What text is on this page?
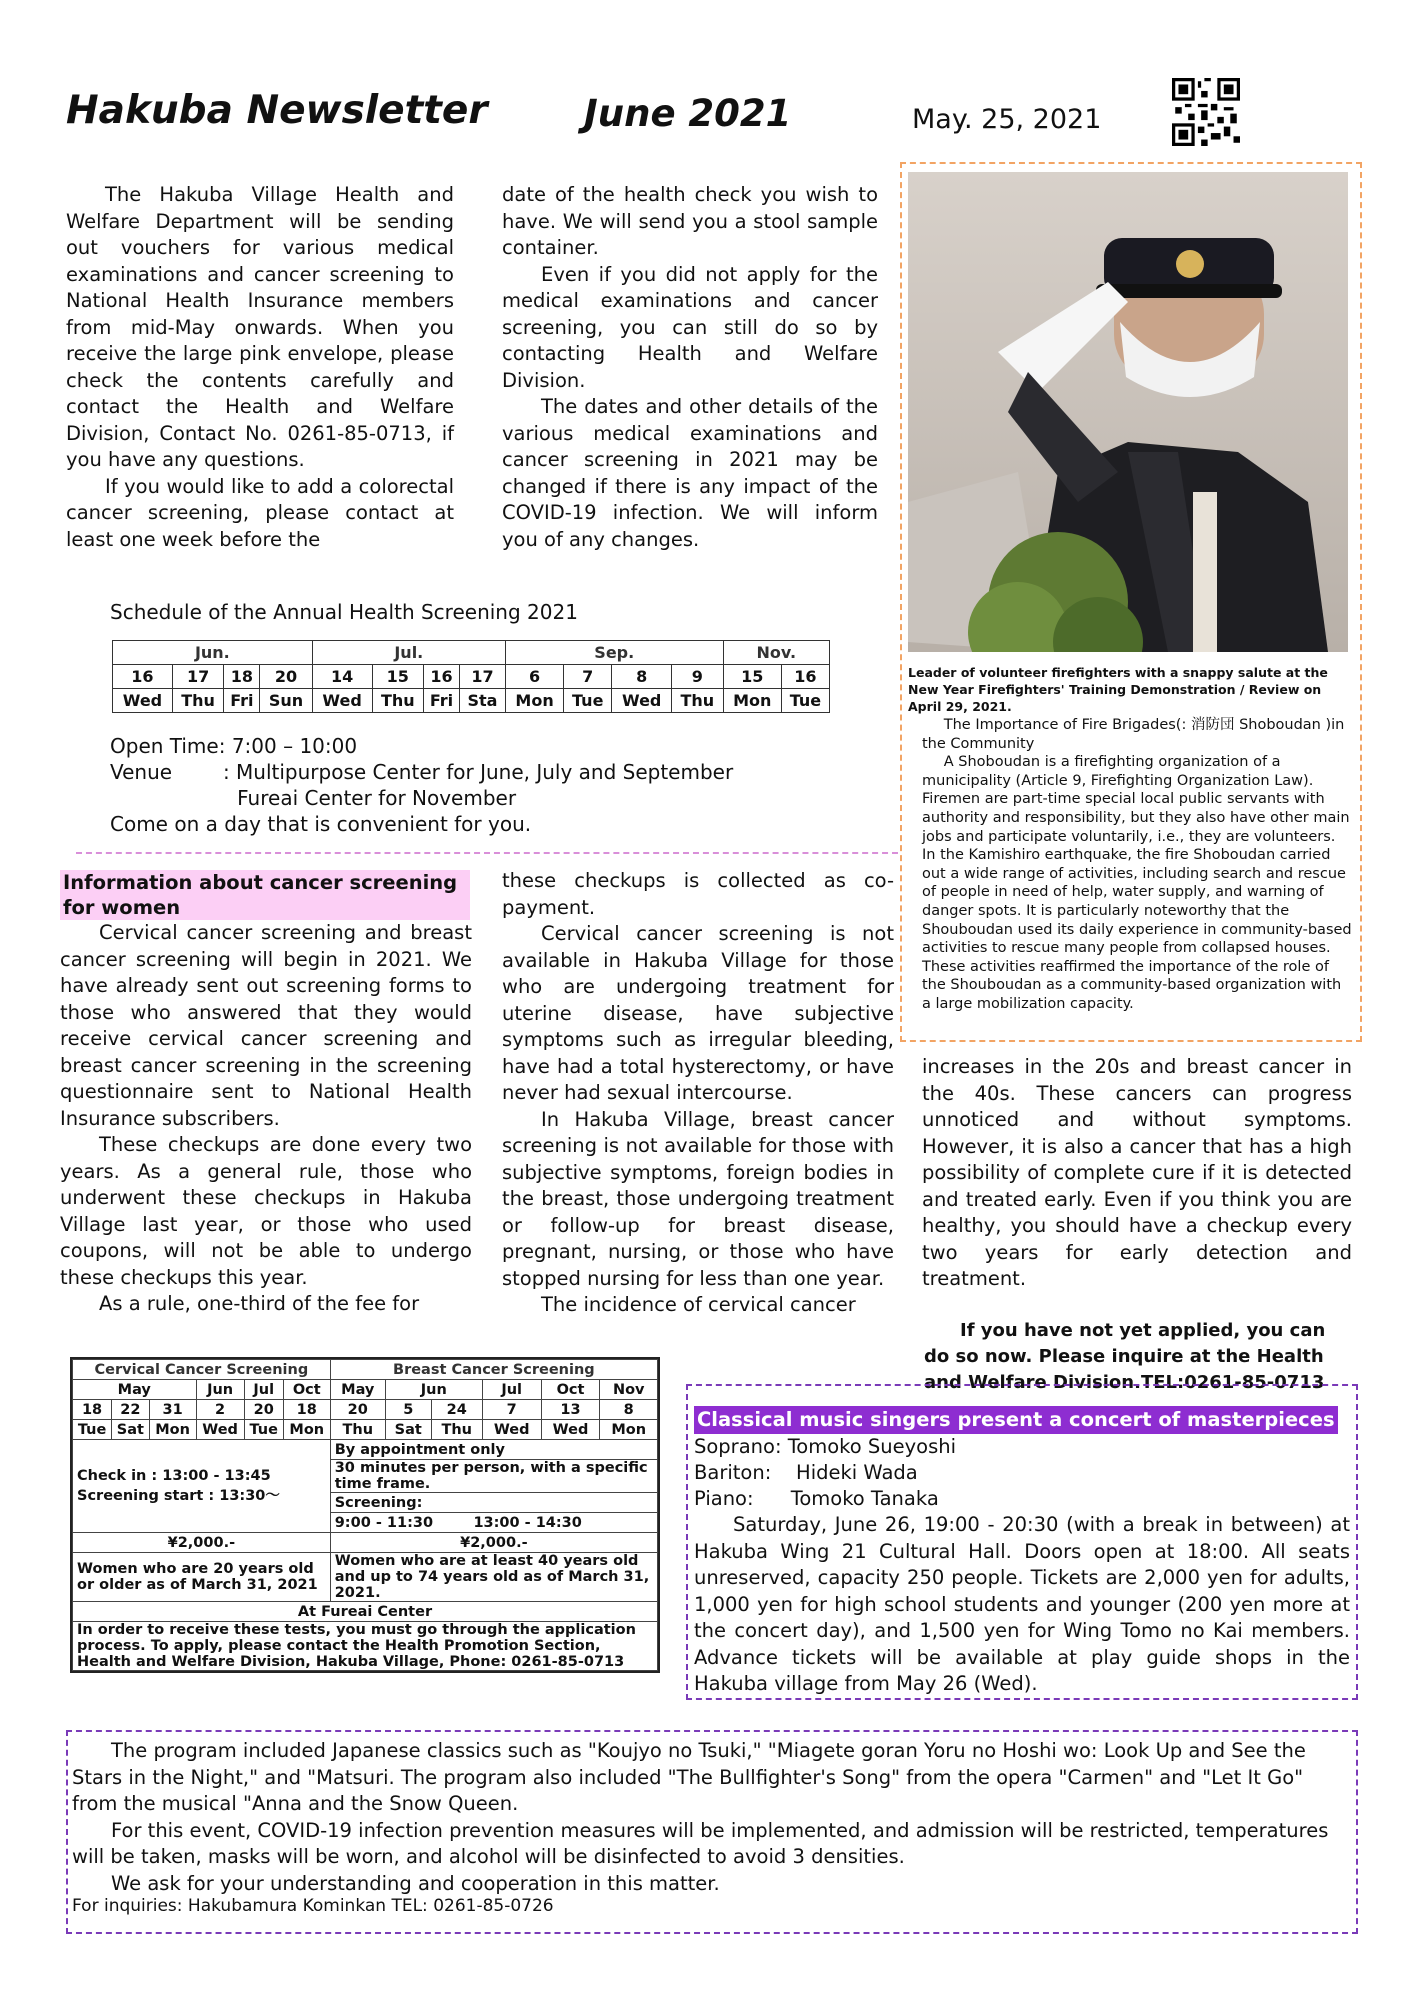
Hakuba Newsletter	June 2021	May. 25, 2021

The Hakuba Village Health and Welfare Department will be sending out vouchers for various medical examinations and cancer screening to National Health Insurance members from mid-May onwards. When you receive the large pink envelope, please check the contents carefully and contact the Health and Welfare Division, Contact No. 0261-85-0713, if you have any questions.

If you would like to add a colorectal cancer screening, please contact at least one week before the

date of the health check you wish to have. We will send you a stool sample container.

Even if you did not apply for the medical examinations and cancer screening, you can still do so by contacting Health and Welfare Division.

The dates and other details of the various medical examinations and cancer screening in 2021 may be changed if there is any impact of the COVID-19 infection. We will inform you of any changes.

Schedule of the Annual Health Screening 2021
Jun.				Jul.				Sep.				Nov.	
16	17	18	20	14	15	16	17	6	7	8	9	15	16
Wed	Thu	Fri	Sun	Wed	Thu	Fri	Sta	Mon	Tue	Wed	Thu	Mon	Tue
Open Time: 7:00 – 10:00
Venue        : Multipurpose Center for June, July and September
Fureai Center for November
Come on a day that is convenient for you.
Leader of volunteer firefighters with a snappy salute at the New Year Firefighters' Training Demonstration / Review on April 29, 2021.

The Importance of Fire Brigades(: 消防団 Shoboudan )in the Community

A Shoboudan is a firefighting organization of a municipality (Article 9, Firefighting Organization Law). Firemen are part-time special local public servants with authority and responsibility, but they also have other main jobs and participate voluntarily, i.e., they are volunteers. In the Kamishiro earthquake, the fire Shoboudan carried out a wide range of activities, including search and rescue of people in need of help, water supply, and warning of danger spots. It is particularly noteworthy that the Shouboudan used its daily experience in community-based activities to rescue many people from collapsed houses. These activities reaffirmed the importance of the role of the Shouboudan as a community-based organization with a large mobilization capacity.

Information about cancer screening for women

Cervical cancer screening and breast cancer screening will begin in 2021. We have already sent out screening forms to those who answered that they would receive cervical cancer screening and breast cancer screening in the screening questionnaire sent to National Health Insurance subscribers.

These checkups are done every two years. As a general rule, those who underwent these checkups in Hakuba Village last year, or those who used coupons, will not be able to undergo these checkups this year.

As a rule, one-third of the fee for

these checkups is collected as co-payment.

Cervical cancer screening is not available in Hakuba Village for those who are undergoing treatment for uterine disease, have subjective symptoms such as irregular bleeding, have had a total hysterectomy, or have never had sexual intercourse.

In Hakuba Village, breast cancer screening is not available for those with subjective symptoms, foreign bodies in the breast, those undergoing treatment or follow-up for breast disease, pregnant, nursing, or those who have stopped nursing for less than one year.

The incidence of cervical cancer

increases in the 20s and breast cancer in the 40s. These cancers can progress unnoticed and without symptoms. However, it is also a cancer that has a high possibility of complete cure if it is detected and treated early. Even if you think you are healthy, you should have a checkup every two years for early detection and treatment.

If you have not yet applied, you can do so now. Please inquire at the Health and Welfare Division.TEL:0261-85-0713

Cervical Cancer Screening						Breast Cancer Screening					
May			Jun	Jul	Oct	May	Jun		Jul	Oct	Nov
18	22	31	2	20	18	20	5	24	7	13	8
Tue	Sat	Mon	Wed	Tue	Mon	Thu	Sat	Thu	Wed	Wed	Mon

Check in : 13:00 - 13:45
Screening start : 13:30〜						By appointment only					
						30 minutes per person, with a specific time frame.					
						Screening:					
						9:00 - 11:30        13:00 - 14:30					
¥2,000.-						¥2,000.-					
Women who are 20 years old or older as of March 31, 2021						Women who are at least 40 years old and up to 74 years old as of March 31, 2021.					
At Fureai Center											
In order to receive these tests, you must go through the application process. To apply, please contact the Health Promotion Section, Health and Welfare Division, Hakuba Village, Phone: 0261-85-0713											
Classical music singers present a concert of masterpieces
Soprano: Tomoko Sueyoshi
Bariton:    Hideki Wada
Piano:      Tomoko Tanaka

Saturday, June 26, 19:00 - 20:30 (with a break in between) at Hakuba Wing 21 Cultural Hall. Doors open at 18:00. All seats unreserved, capacity 250 people. Tickets are 2,000 yen for adults, 1,000 yen for high school students and younger (200 yen more at the concert day), and 1,500 yen for Wing Tomo no Kai members. Advance tickets will be available at play guide shops in the Hakuba village from May 26 (Wed).

The program included Japanese classics such as "Koujyo no Tsuki," "Miagete goran Yoru no Hoshi wo: Look Up and See the Stars in the Night," and "Matsuri. The program also included "The Bullfighter's Song" from the opera "Carmen" and "Let It Go" from the musical "Anna and the Snow Queen.

For this event, COVID-19 infection prevention measures will be implemented, and admission will be restricted, temperatures will be taken, masks will be worn, and alcohol will be disinfected to avoid 3 densities.

We ask for your understanding and cooperation in this matter.

For inquiries: Hakubamura Kominkan TEL: 0261-85-0726
